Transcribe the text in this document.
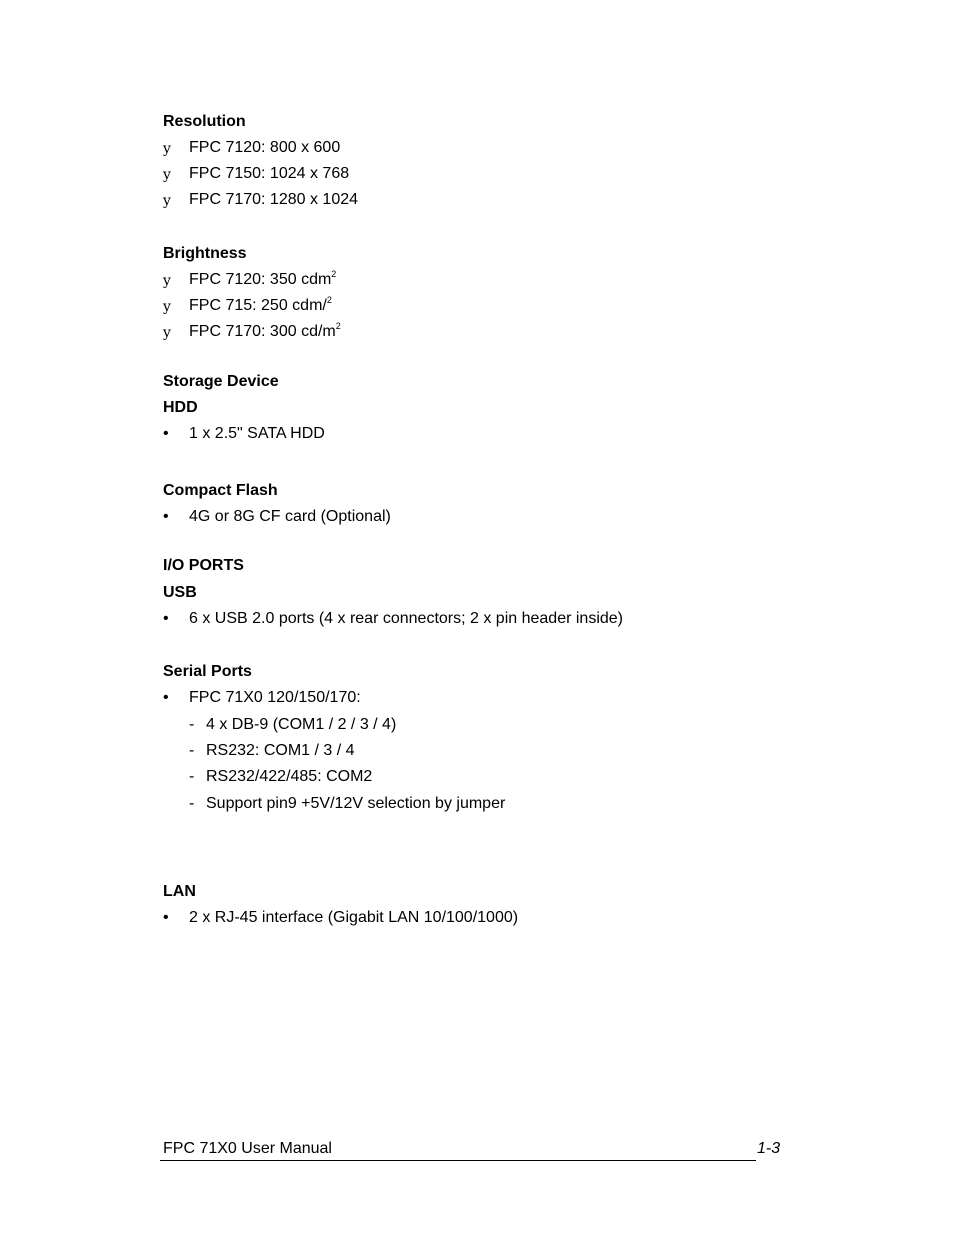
Resolution
y FPC 7120: 800 x 600
y FPC 7150: 1024 x 768
y FPC 7170: 1280 x 1024
Brightness
y FPC 7120: 350 cdm$^2$
y FPC 715: 250 cdm/$^2$
y FPC 7170: 300 $cd/m^2$
Storage Device
HDD
• 1 x 2.5" SATA HDD
Compact Flash
• 4G or 8G CF card (Optional)
I/O PORTS
USB
• 6 x USB 2.0 ports (4 x rear connectors; 2 x pin header inside)
Serial Ports
• FPC 71X0 120/150/170:
- 4 x DB-9 (COM1 / 2 / 3 / 4)
- RS232: COM1 / 3 / 4
- RS232/422/485: COM2
- Support pin9 +5V/12V selection by jumper
LAN
• 2 x RJ-45 interface (Gigabit LAN 10/100/1000)
FPC 71X0 User Manual	1-3
